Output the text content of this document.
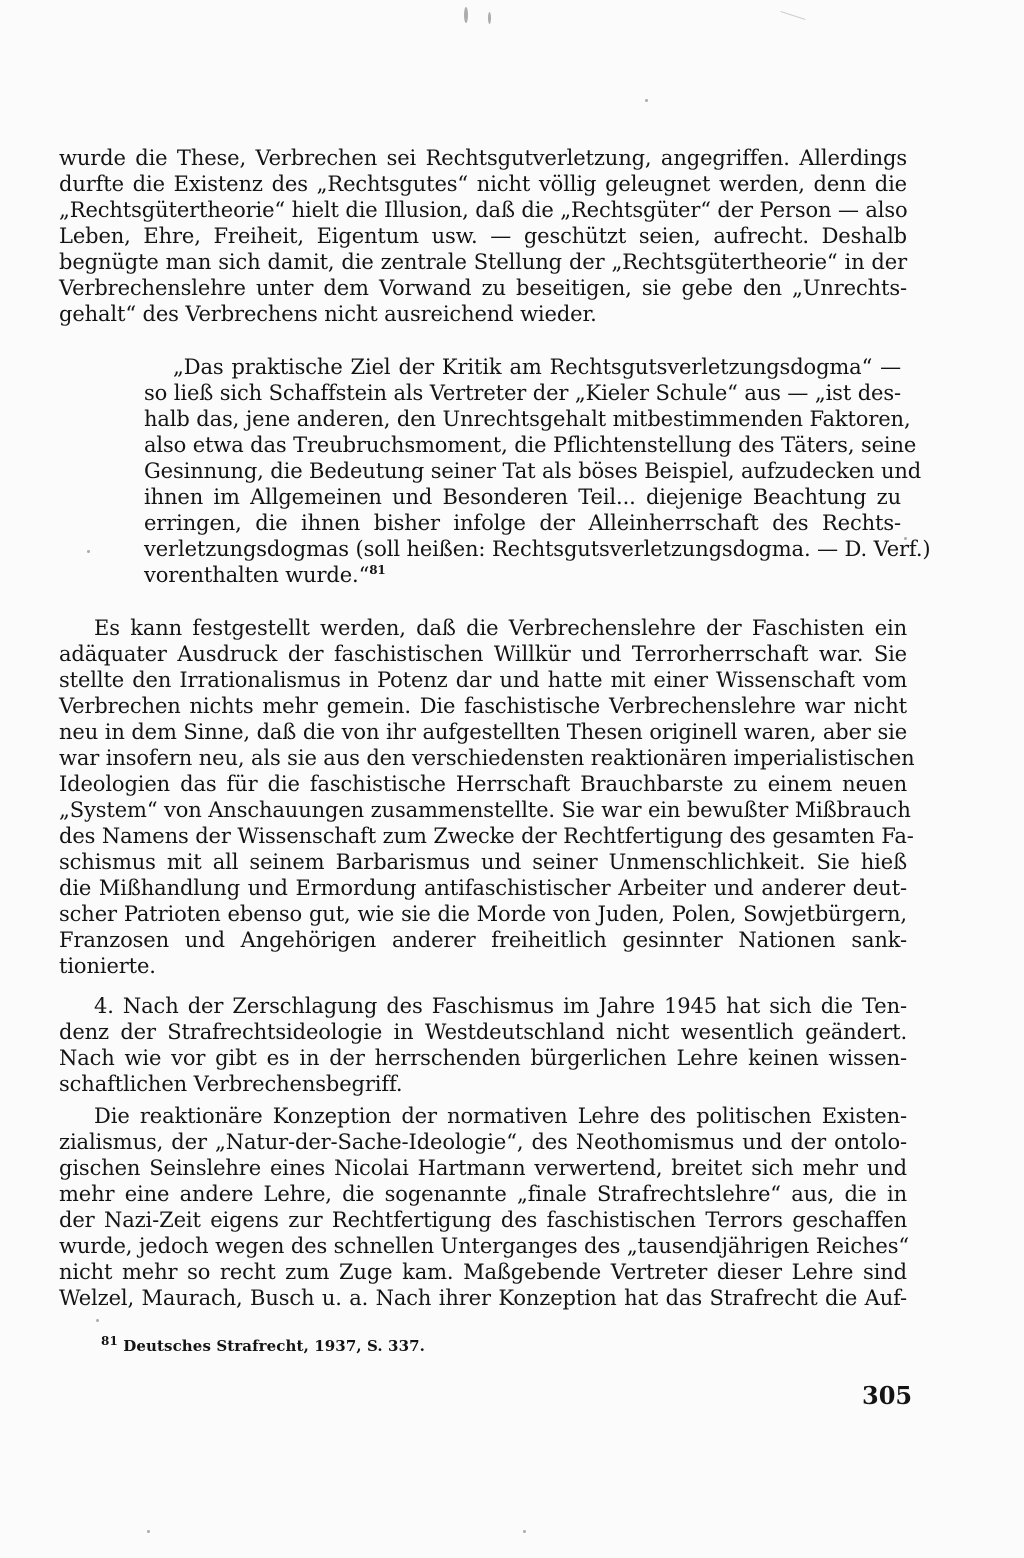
wurde die These, Verbrechen sei Rechtsgutverletzung, angegriffen. Allerdings
durfte die Existenz des „Rechtsgutes“ nicht völlig geleugnet werden, denn die
„Rechtsgütertheorie“ hielt die Illusion, daß die „Rechtsgüter“ der Person — also
Leben, Ehre, Freiheit, Eigentum usw. — geschützt seien, aufrecht. Deshalb
begnügte man sich damit, die zentrale Stellung der „Rechtsgütertheorie“ in der
Verbrechenslehre unter dem Vorwand zu beseitigen, sie gebe den „Unrechts-
gehalt“ des Verbrechens nicht ausreichend wieder.
„Das praktische Ziel der Kritik am Rechtsgutsverletzungsdogma“ —
so ließ sich Schaffstein als Vertreter der „Kieler Schule“ aus — „ist des-
halb das, jene anderen, den Unrechtsgehalt mitbestimmenden Faktoren,
also etwa das Treubruchsmoment, die Pflichtenstellung des Täters, seine
Gesinnung, die Bedeutung seiner Tat als böses Beispiel, aufzudecken und
ihnen im Allgemeinen und Besonderen Teil... diejenige Beachtung zu
erringen, die ihnen bisher infolge der Alleinherrschaft des Rechts-
verletzungsdogmas (soll heißen: Rechtsgutsverletzungsdogma. — D. Verf.)
vorenthalten wurde.“$^{81}$
Es kann festgestellt werden, daß die Verbrechenslehre der Faschisten ein
adäquater Ausdruck der faschistischen Willkür und Terrorherrschaft war. Sie
stellte den Irrationalismus in Potenz dar und hatte mit einer Wissenschaft vom
Verbrechen nichts mehr gemein. Die faschistische Verbrechenslehre war nicht
neu in dem Sinne, daß die von ihr aufgestellten Thesen originell waren, aber sie
war insofern neu, als sie aus den verschiedensten reaktionären imperialistischen
Ideologien das für die faschistische Herrschaft Brauchbarste zu einem neuen
„System“ von Anschauungen zusammenstellte. Sie war ein bewußter Mißbrauch
des Namens der Wissenschaft zum Zwecke der Rechtfertigung des gesamten Fa-
schismus mit all seinem Barbarismus und seiner Unmenschlichkeit. Sie hieß
die Mißhandlung und Ermordung antifaschistischer Arbeiter und anderer deut-
scher Patrioten ebenso gut, wie sie die Morde von Juden, Polen, Sowjetbürgern,
Franzosen und Angehörigen anderer freiheitlich gesinnter Nationen sank-
tionierte.
4. Nach der Zerschlagung des Faschismus im Jahre 1945 hat sich die Ten-
denz der Strafrechtsideologie in Westdeutschland nicht wesentlich geändert.
Nach wie vor gibt es in der herrschenden bürgerlichen Lehre keinen wissen-
schaftlichen Verbrechensbegriff.
Die reaktionäre Konzeption der normativen Lehre des politischen Existen-
zialismus, der „Natur-der-Sache-Ideologie“, des Neothomismus und der ontolo-
gischen Seinslehre eines Nicolai Hartmann verwertend, breitet sich mehr und
mehr eine andere Lehre, die sogenannte „finale Strafrechtslehre“ aus, die in
der Nazi-Zeit eigens zur Rechtfertigung des faschistischen Terrors geschaffen
wurde, jedoch wegen des schnellen Unterganges des „tausendjährigen Reiches“
nicht mehr so recht zum Zuge kam. Maßgebende Vertreter dieser Lehre sind
Welzel, Maurach, Busch u. a. Nach ihrer Konzeption hat das Strafrecht die Auf-
$^{81}$ Deutsches Strafrecht, 1937, S. 337.
305
